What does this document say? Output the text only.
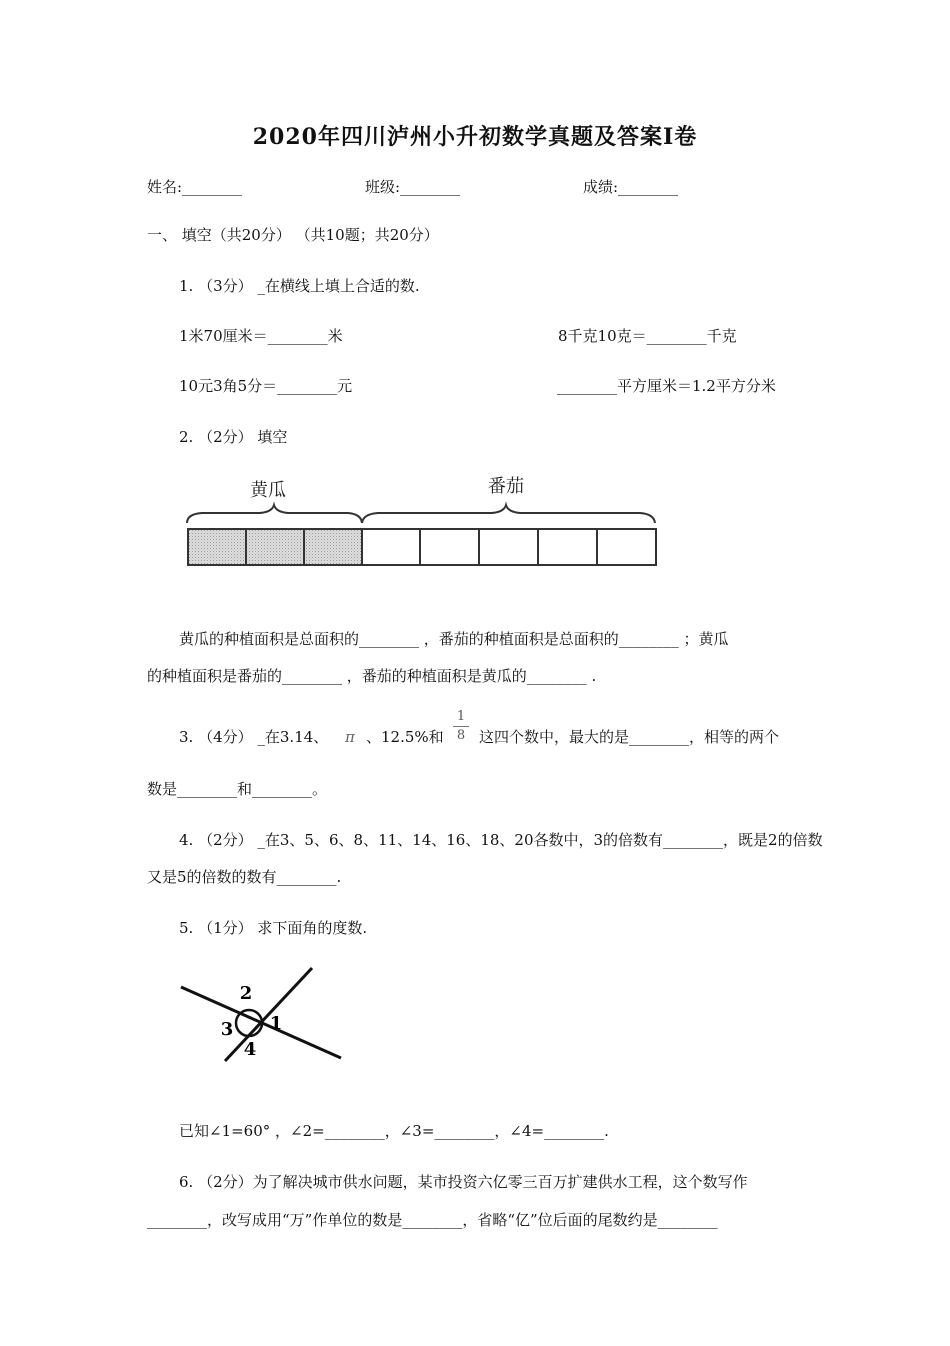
2020年四川泸州小升初数学真题及答案Ⅰ卷
姓名:________	班级:________	成绩:________
一、 填空（共20分） （共10题；共20分）
1. （3分） _在横线上填上合适的数.
1米70厘米＝________米	8千克10克＝________千克
10元3角5分＝________元	________平方厘米＝1.2平方分米
2. （2分） 填空
黄瓜	番茄
黄瓜的种植面积是总面积的________ ，番茄的种植面积是总面积的________ ；黄瓜
的种植面积是番茄的________ ，番茄的种植面积是黄瓜的________ .
3. （4分） _在3.14、 π 、12.5%和
1
8 这四个数中，最大的是________，相等的两个
数是________和________。
4. （2分） _在3、5、6、8、11、14、16、18、20各数中，3的倍数有________，既是2的倍数
又是5的倍数的数有________.
5. （1分） 求下面角的度数.
2
1
3
4
已知∠1=60° ，∠2=________，∠3=________，∠4=________.
6. （2分）为了解决城市供水问题，某市投资六亿零三百万扩建供水工程，这个数写作
________，改写成用“万”作单位的数是________，省略“亿”位后面的尾数约是________
